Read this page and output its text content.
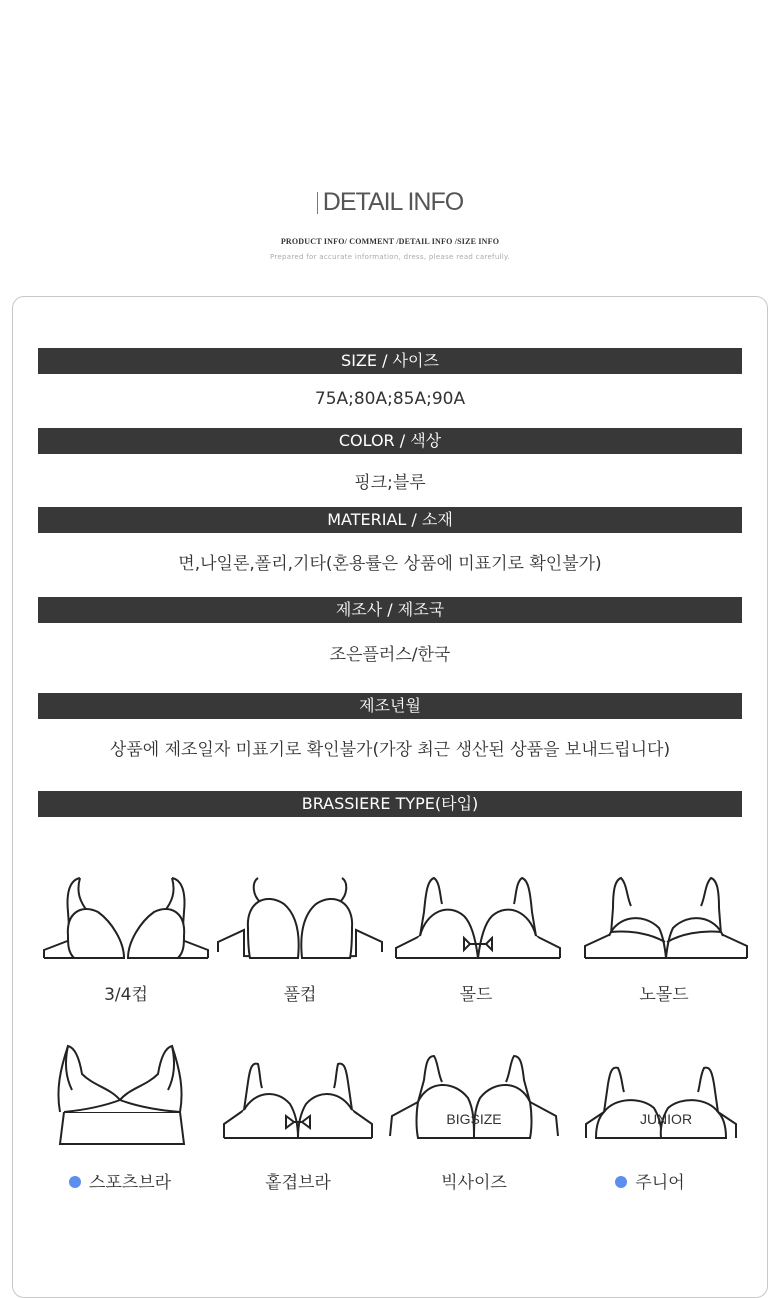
DETAIL INFO
PRODUCT INFO/ COMMENT /DETAIL INFO /SIZE INFO
Prepared for accurate information, dress, please read carefully.
SIZE / 사이즈
75A;80A;85A;90A
COLOR / 색상
핑크;블루
MATERIAL / 소재
면,나일론,폴리,기타(혼용률은 상품에 미표기로 확인불가)
제조사 / 제조국
조은플러스/한국
제조년월
상품에 제조일자 미표기로 확인불가(가장 최근 생산된 상품을 보내드립니다)
BRASSIERE TYPE(타입)
3/4컵	풀컵	몰드	노몰드
BIGSIZE	JUNIOR
스포츠브라	홑겹브라	빅사이즈	주니어
